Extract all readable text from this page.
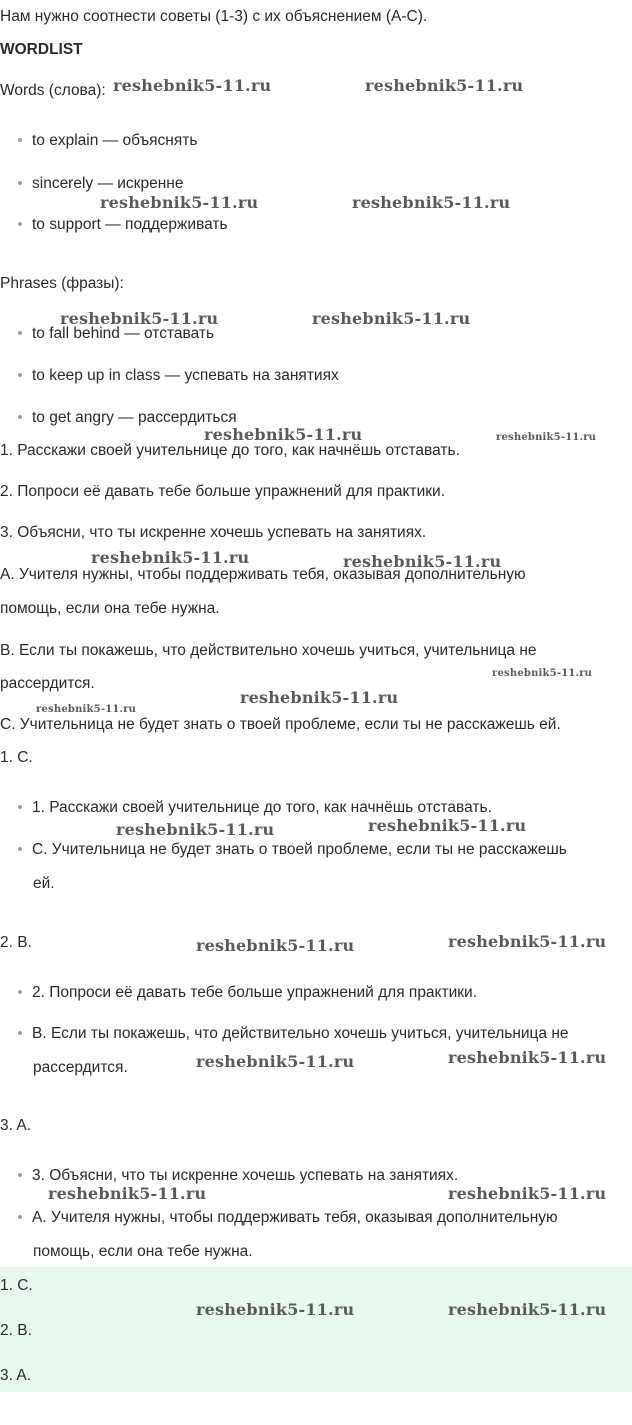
Нам нужно соотнести советы (1-3) с их объяснением (А-С).
WORDLIST
Words (слова):
to explain — объяснять
sincerely — искренне
to support — поддерживать
Phrases (фразы):
to fall behind — отставать
to keep up in class — успевать на занятиях
to get angry — рассердиться
1. Расскажи своей учительнице до того, как начнёшь отставать.
2. Попроси её давать тебе больше упражнений для практики.
3. Объясни, что ты искренне хочешь успевать на занятиях.
A. Учителя нужны, чтобы поддерживать тебя, оказывая дополнительную
помощь, если она тебе нужна.
B. Если ты покажешь, что действительно хочешь учиться, учительница не
рассердится.
C. Учительница не будет знать о твоей проблеме, если ты не расскажешь ей.
1. C.
1. Расскажи своей учительнице до того, как начнёшь отставать.
C. Учительница не будет знать о твоей проблеме, если ты не расскажешь
ей.
2. B.
2. Попроси её давать тебе больше упражнений для практики.
B. Если ты покажешь, что действительно хочешь учиться, учительница не
рассердится.
3. A.
3. Объясни, что ты искренне хочешь успевать на занятиях.
A. Учителя нужны, чтобы поддерживать тебя, оказывая дополнительную
помощь, если она тебе нужна.
1. C.
2. B.
3. A.
reshebnik5-11.ru	reshebnik5-11.ru
reshebnik5-11.ru	reshebnik5-11.ru
reshebnik5-11.ru	reshebnik5-11.ru
reshebnik5-11.ru	reshebnik5-11.ru
reshebnik5-11.ru	reshebnik5-11.ru
reshebnik5-11.ru
reshebnik5-11.ru
reshebnik5-11.ru
reshebnik5-11.ru	reshebnik5-11.ru
reshebnik5-11.ru	reshebnik5-11.ru
reshebnik5-11.ru	reshebnik5-11.ru
reshebnik5-11.ru	reshebnik5-11.ru
reshebnik5-11.ru	reshebnik5-11.ru
